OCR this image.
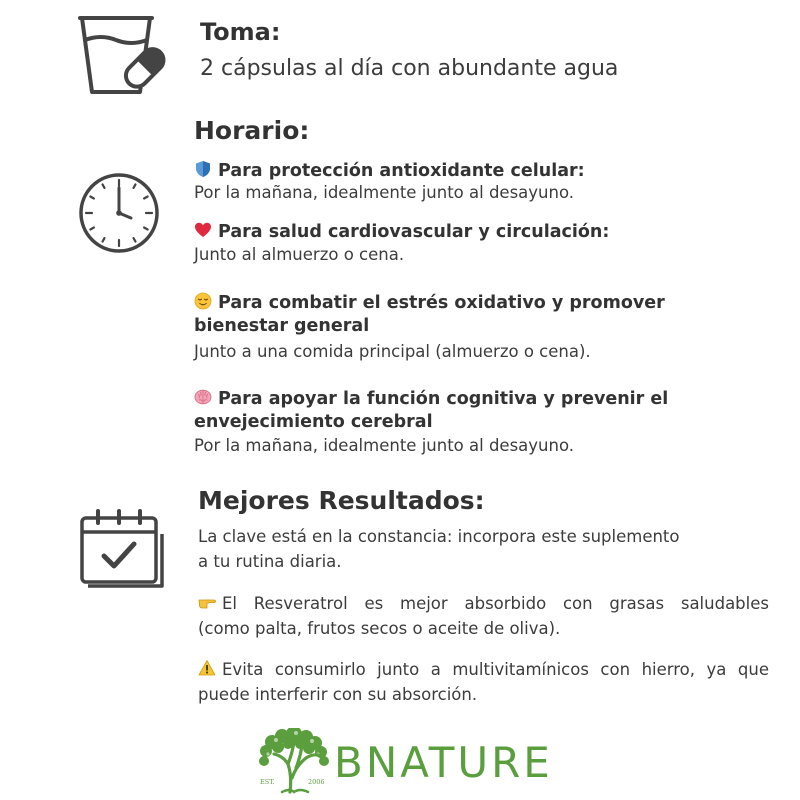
Toma:
2 cápsulas al día con abundante agua
Horario:
Para protección antioxidante celular:
Por la mañana, idealmente junto al desayuno.
Para salud cardiovascular y circulación:
Junto al almuerzo o cena.
Para combatir el estrés oxidativo y promover
bienestar general
Junto a una comida principal (almuerzo o cena).
Para apoyar la función cognitiva y prevenir el
envejecimiento cerebral
Por la mañana, idealmente junto al desayuno.
Mejores Resultados:
La clave está en la constancia: incorpora este suplemento
a tu rutina diaria.
El Resveratrol es mejor absorbido con grasas saludables
(como palta, frutos secos o aceite de oliva).
Evita consumirlo junto a multivitamínicos con hierro, ya que
puede interferir con su absorción.
EST.	2006 BNATURE
